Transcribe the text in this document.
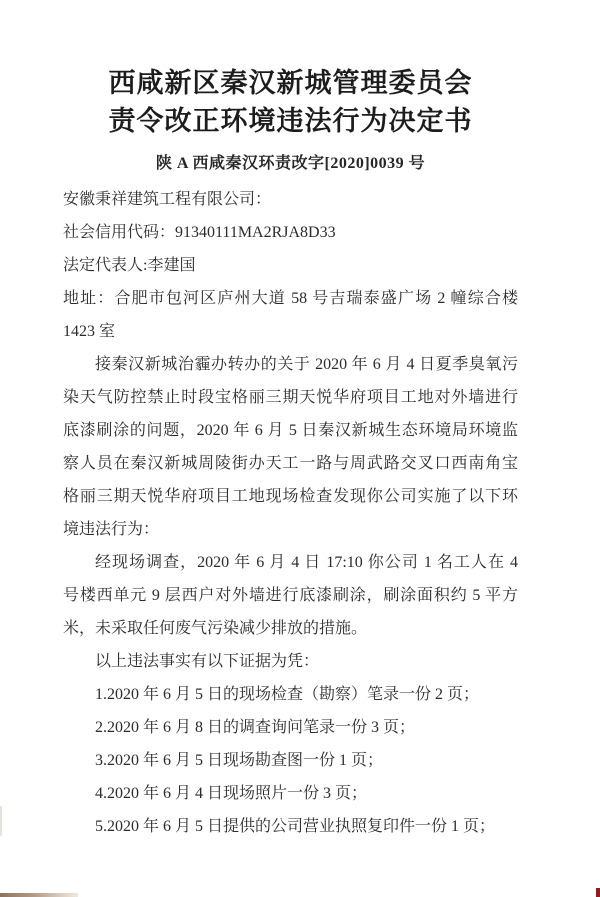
西咸新区秦汉新城管理委员会
责令改正环境违法行为决定书
陕 A 西咸秦汉环责改字[2020]0039 号
安徽秉祥建筑工程有限公司：
社会信用代码：91340111MA2RJA8D33
法定代表人:李建国
地址：合肥市包河区庐州大道 58 号吉瑞泰盛广场 2 幢综合楼
1423 室
接秦汉新城治霾办转办的关于 2020 年 6 月 4 日夏季臭氧污
染天气防控禁止时段宝格丽三期天悦华府项目工地对外墙进行
底漆刷涂的问题，2020 年 6 月 5 日秦汉新城生态环境局环境监
察人员在秦汉新城周陵街办天工一路与周武路交叉口西南角宝
格丽三期天悦华府项目工地现场检查发现你公司实施了以下环
境违法行为：
经现场调查，2020 年 6 月 4 日 17:10 你公司 1 名工人在 4
号楼西单元 9 层西户对外墙进行底漆刷涂，刷涂面积约 5 平方
米，未采取任何废气污染减少排放的措施。
以上违法事实有以下证据为凭：
1.2020 年 6 月 5 日的现场检查（勘察）笔录一份 2 页；
2.2020 年 6 月 8 日的调查询问笔录一份 3 页；
3.2020 年 6 月 5 日现场勘查图一份 1 页；
4.2020 年 6 月 4 日现场照片一份 3 页；
5.2020 年 6 月 5 日提供的公司营业执照复印件一份 1 页；
